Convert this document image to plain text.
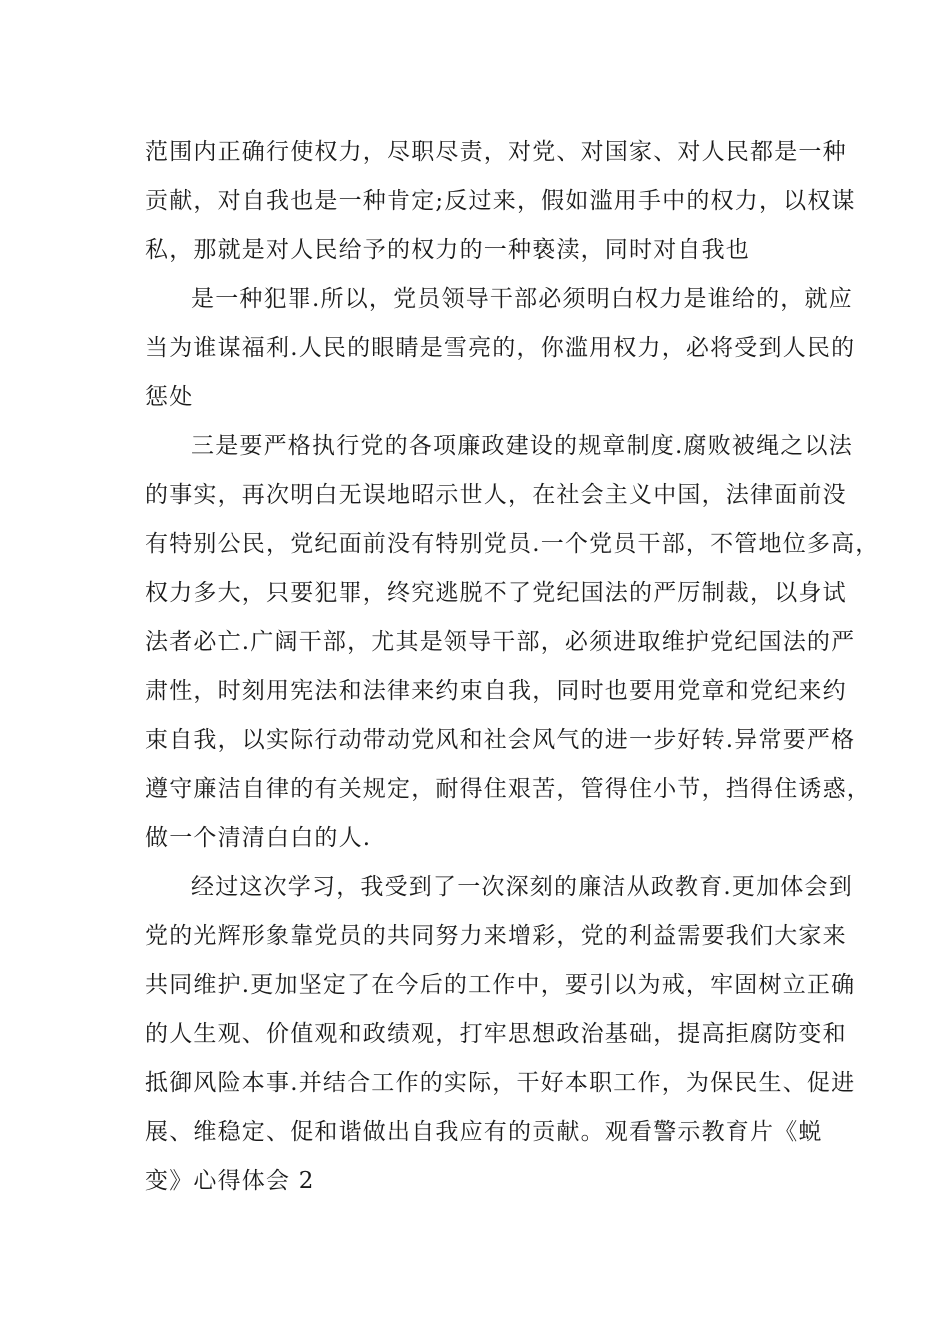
范围内正确行使权力，尽职尽责，对党、对国家、对人民都是一种
贡献，对自我也是一种肯定;反过来，假如滥用手中的权力，以权谋
私，那就是对人民给予的权力的一种亵渎，同时对自我也
是一种犯罪.所以，党员领导干部必须明白权力是谁给的，就应
当为谁谋福利.人民的眼睛是雪亮的，你滥用权力，必将受到人民的
惩处
三是要严格执行党的各项廉政建设的规章制度.腐败被绳之以法
的事实，再次明白无误地昭示世人，在社会主义中国，法律面前没
有特别公民，党纪面前没有特别党员.一个党员干部，不管地位多高，
权力多大，只要犯罪，终究逃脱不了党纪国法的严厉制裁，以身试
法者必亡.广阔干部，尤其是领导干部，必须进取维护党纪国法的严
肃性，时刻用宪法和法律来约束自我，同时也要用党章和党纪来约
束自我，以实际行动带动党风和社会风气的进一步好转.异常要严格
遵守廉洁自律的有关规定，耐得住艰苦，管得住小节，挡得住诱惑，
做一个清清白白的人.
经过这次学习，我受到了一次深刻的廉洁从政教育.更加体会到
党的光辉形象靠党员的共同努力来增彩，党的利益需要我们大家来
共同维护.更加坚定了在今后的工作中，要引以为戒，牢固树立正确
的人生观、价值观和政绩观，打牢思想政治基础，提高拒腐防变和
抵御风险本事.并结合工作的实际，干好本职工作，为保民生、促进
展、维稳定、促和谐做出自我应有的贡献。观看警示教育片《蜕
变》心得体会 2
